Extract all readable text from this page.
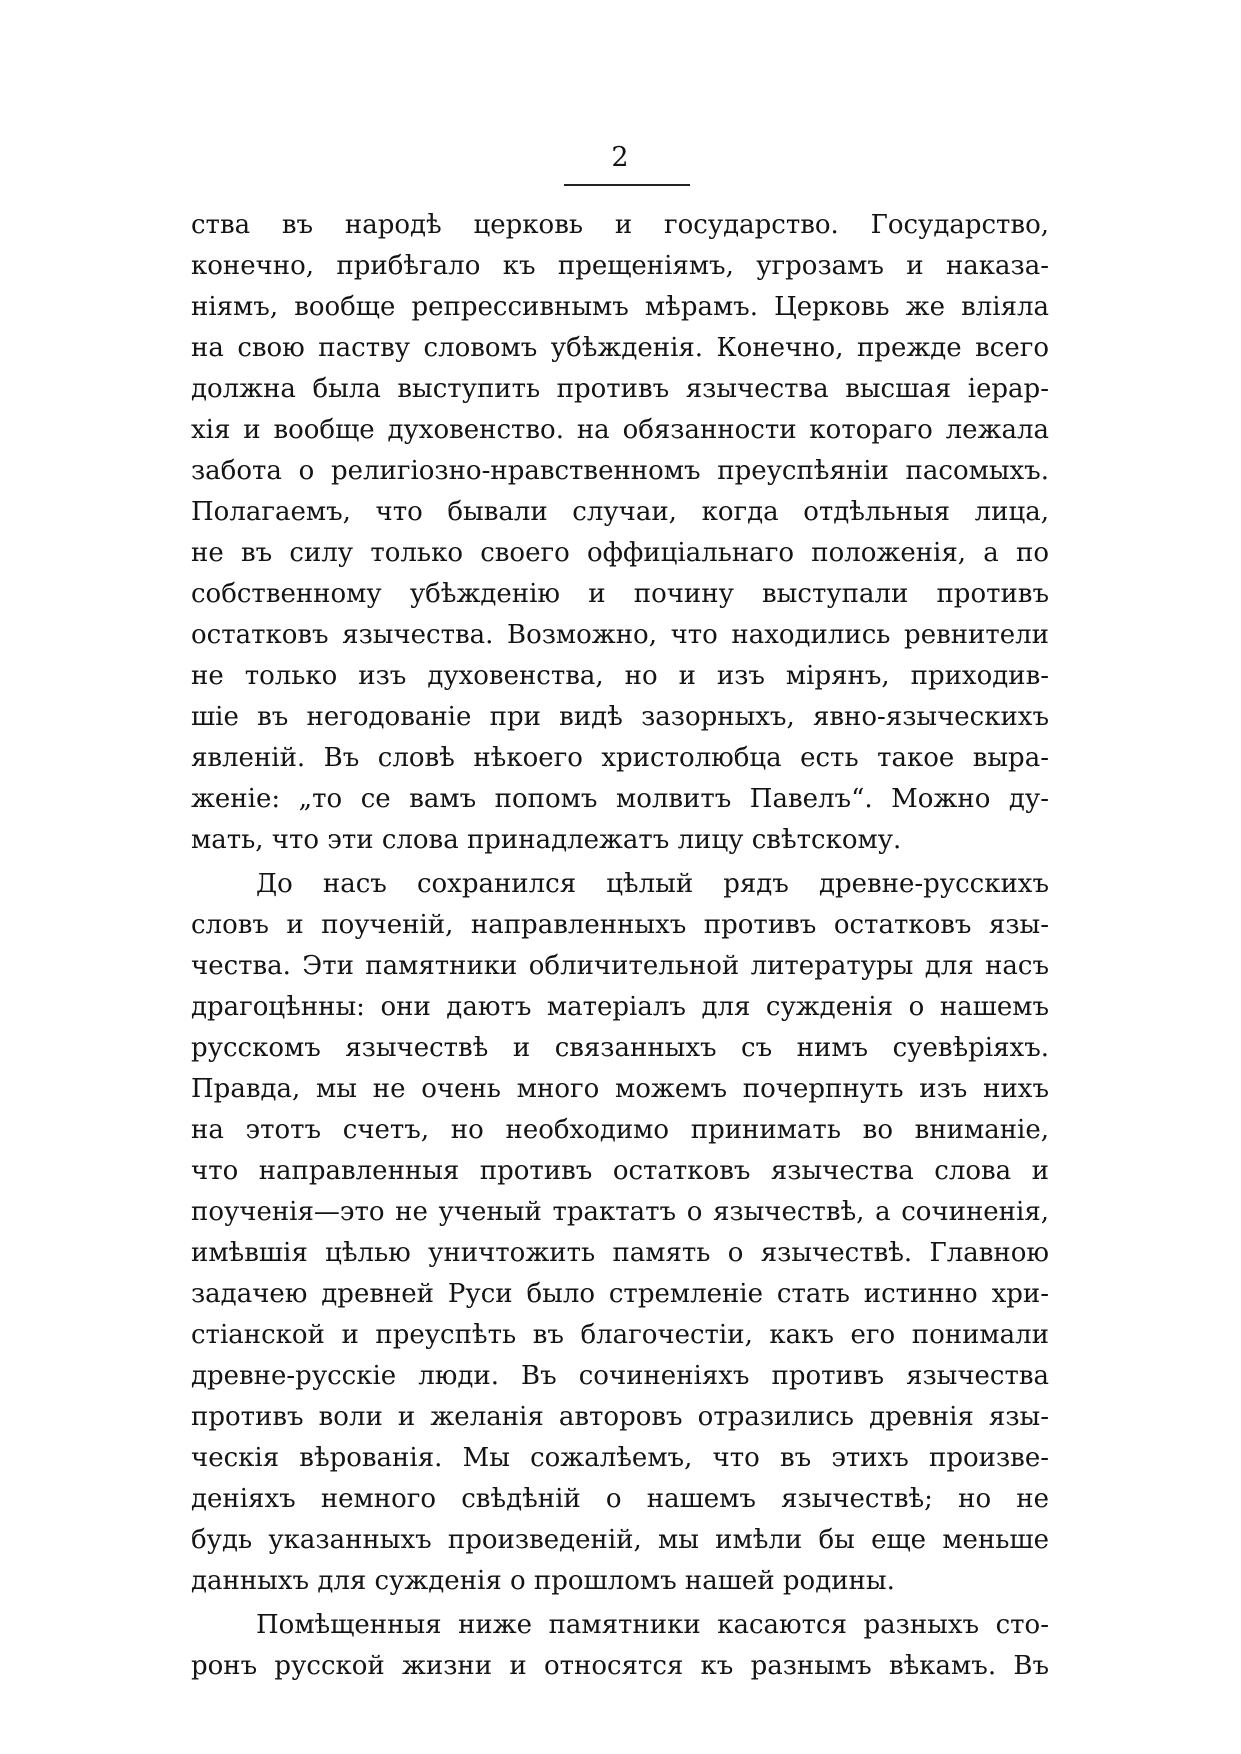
2
ства въ народѣ церковь и государство. Государство,
конечно, прибѣгало къ прещеніямъ, угрозамъ и наказа-
ніямъ, вообще репрессивнымъ мѣрамъ. Церковь же вліяла
на свою паству словомъ убѣжденія. Конечно, прежде всего
должна была выступить противъ язычества высшая іерар-
хія и вообще духовенство. на обязанности котораго лежала
забота о религіозно-нравственномъ преуспѣяніи пасомыхъ.
Полагаемъ, что бывали случаи, когда отдѣльныя лица,
не въ силу только своего оффиціальнаго положенія, а по
собственному убѣжденію и почину выступали противъ
остатковъ язычества. Возможно, что находились ревнители
не только изъ духовенства, но и изъ мірянъ, приходив-
шіе въ негодованіе при видѣ зазорныхъ, явно-языческихъ
явленій. Въ словѣ нѣкоего христолюбца есть такое выра-
женіе: „то се вамъ попомъ молвитъ Павелъ“. Можно ду-
мать, что эти слова принадлежатъ лицу свѣтскому.
До насъ сохранился цѣлый рядъ древне-русскихъ
словъ и поученій, направленныхъ противъ остатковъ язы-
чества. Эти памятники обличительной литературы для насъ
драгоцѣнны: они даютъ матеріалъ для сужденія о нашемъ
русскомъ язычествѣ и связанныхъ съ нимъ суевѣріяхъ.
Правда, мы не очень много можемъ почерпнуть изъ нихъ
на этотъ счетъ, но необходимо принимать во вниманіе,
что направленныя противъ остатковъ язычества слова и
поученія—это не ученый трактатъ о язычествѣ, а сочиненія,
имѣвшія цѣлью уничтожить память о язычествѣ. Главною
задачею древней Руси было стремленіе стать истинно хри-
стіанской и преуспѣть въ благочестіи, какъ его понимали
древне-русскіе люди. Въ сочиненіяхъ противъ язычества
противъ воли и желанія авторовъ отразились древнія язы-
ческія вѣрованія. Мы сожалѣемъ, что въ этихъ произве-
деніяхъ немного свѣдѣній о нашемъ язычествѣ; но не
будь указанныхъ произведеній, мы имѣли бы еще меньше
данныхъ для сужденія о прошломъ нашей родины.
Помѣщенныя ниже памятники касаются разныхъ сто-
ронъ русской жизни и относятся къ разнымъ вѣкамъ. Въ
